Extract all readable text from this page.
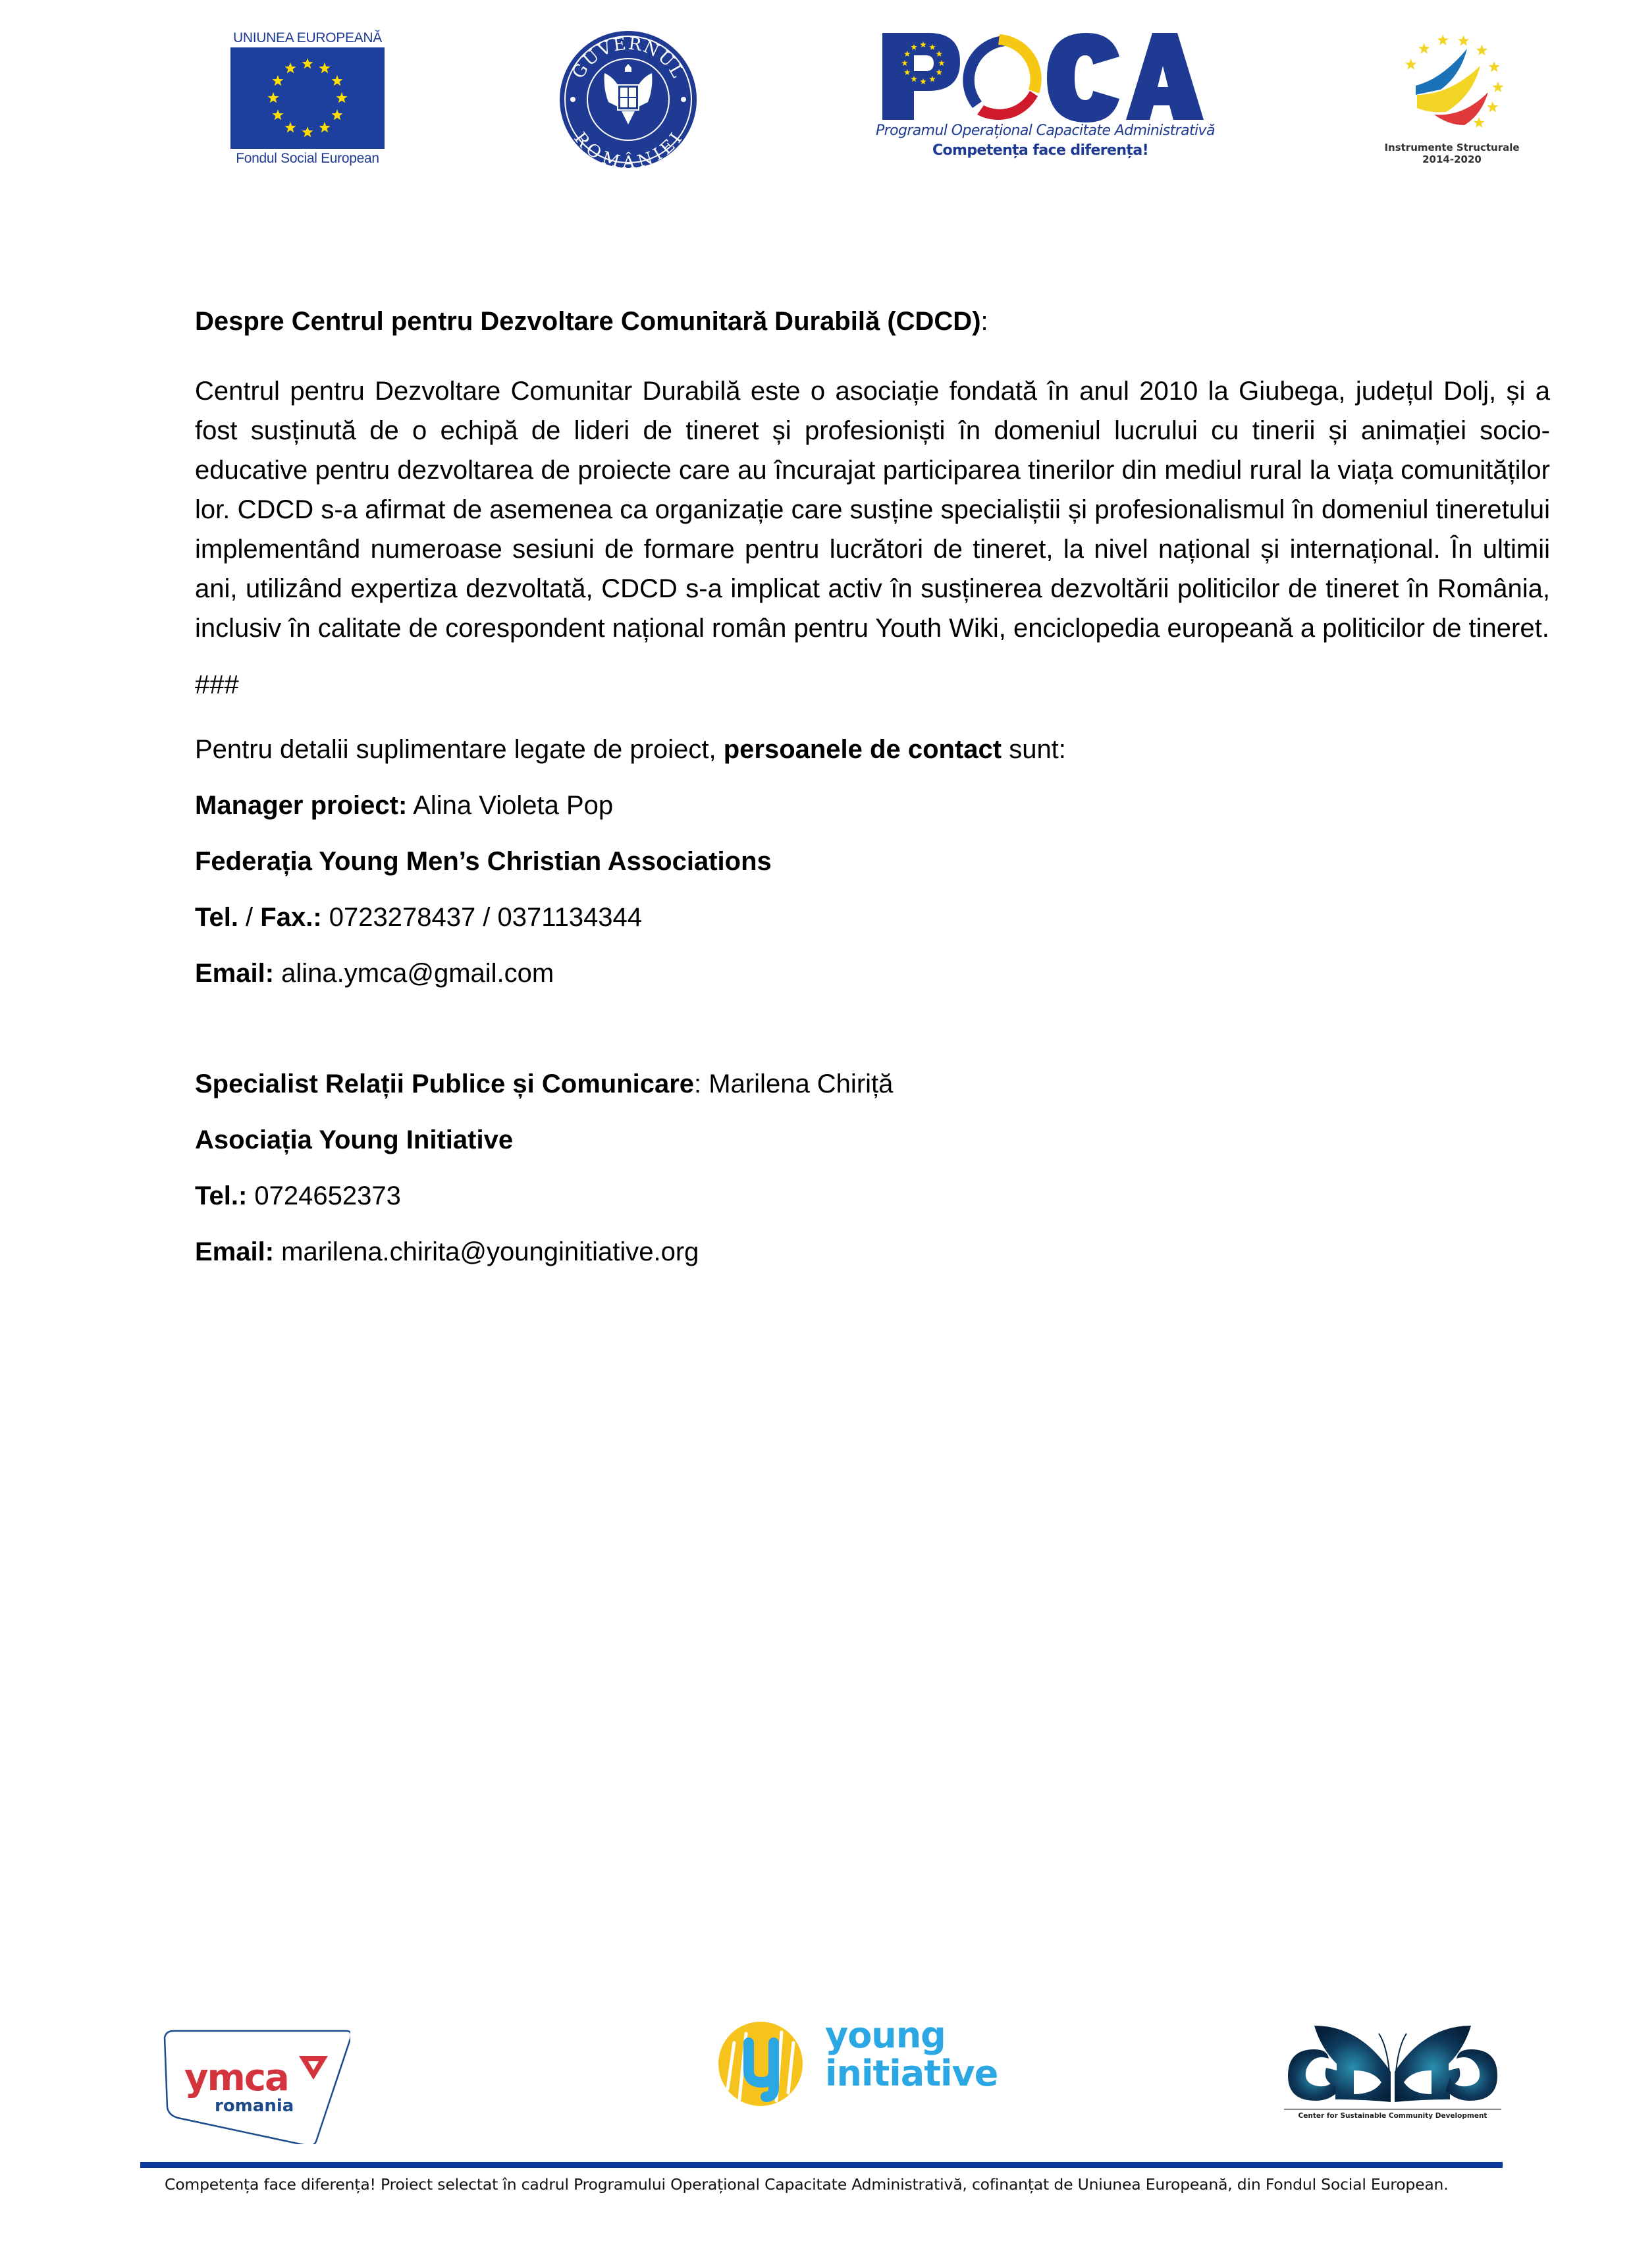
UNIUNEA EUROPEANĂ
Fondul Social European
GUVERNUL
ROMÂNIEI	Programul Operațional Capacitate Administrativă
Competența face diferența!	Instrumente Structurale
2014-2020

Despre Centrul pentru Dezvoltare Comunitară Durabilă (CDCD):

Centrul pentru Dezvoltare Comunitar Durabilă este o asociație fondată în anul 2010 la Giubega, județul Dolj, și a fost susținută de o echipă de lideri de tineret și profesioniști în domeniul lucrului cu tinerii și animației socio-educative pentru dezvoltarea de proiecte care au încurajat participarea tinerilor din mediul rural la viața comunităților lor. CDCD s-a afirmat de asemenea ca organizație care susține specialiștii și profesionalismul în domeniul tineretului implementând numeroase sesiuni de formare pentru lucrători de tineret, la nivel național și internațional. În ultimii ani, utilizând expertiza dezvoltată, CDCD s-a implicat activ în susținerea dezvoltării politicilor de tineret în România, inclusiv în calitate de corespondent național român pentru Youth Wiki, enciclopedia europeană a politicilor de tineret.

###

Pentru detalii suplimentare legate de proiect, persoanele de contact sunt:

Manager proiect: Alina Violeta Pop

Federația Young Men’s Christian Associations

Tel. / Fax.: 0723278437 / 0371134344

Email: alina.ymca@gmail.com

Specialist Relații Publice și Comunicare: Marilena Chiriță

Asociația Young Initiative

Tel.: 0724652373

Email: marilena.chirita@younginitiative.org

ymca
romania
young
initiative
Center for Sustainable Community Development
Competența face diferența! Proiect selectat în cadrul Programului Operațional Capacitate Administrativă, cofinanțat de Uniunea Europeană, din Fondul Social European.
